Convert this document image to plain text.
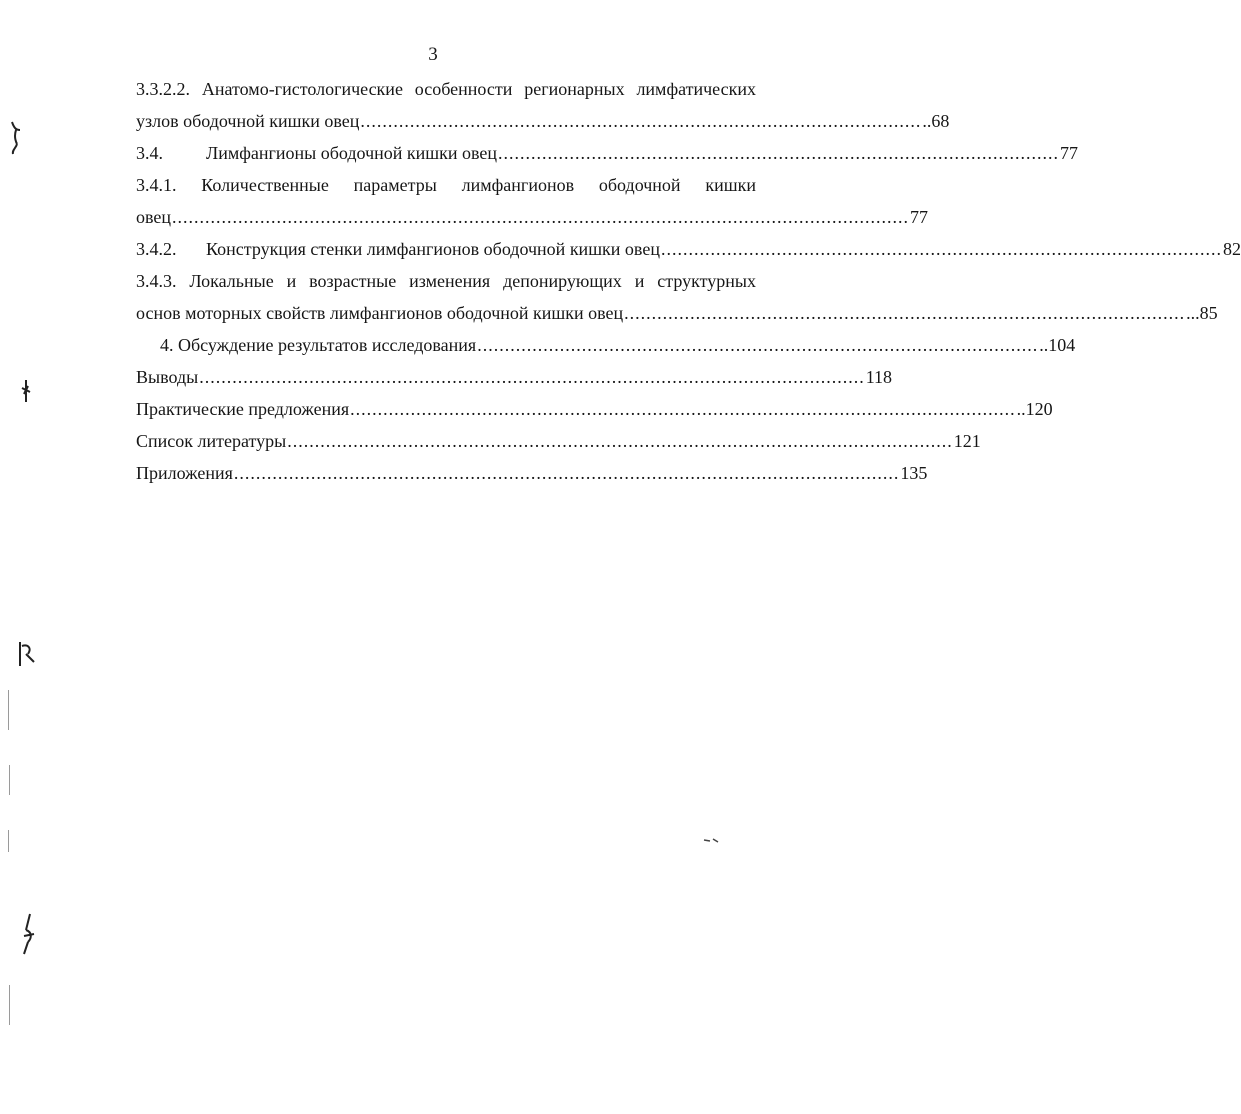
3
3.3.2.2. Анатомо-гистологические особенности регионарных лимфатических
узлов ободочной кишки овец ...................................................................................................... ..68
3.4. Лимфангионы ободочной кишки овец ...................................................................................................... 77
3.4.1. Количественные параметры лимфангионов ободочной кишки
овец ...................................................................................................................................... 77
3.4.2. Конструкция стенки лимфангионов ободочной кишки овец ...................................................................................................... 82
3.4.3. Локальные и возрастные изменения депонирующих и структурных
основ моторных свойств лимфангионов ободочной кишки овец ...................................................................................................... ...85
4. Обсуждение результатов исследования ...................................................................................................... ..104
Выводы ......................................................................................................................... 118
Практические предложения ......................................................................................................................... ..120
Список литературы ......................................................................................................................... 121
Приложения ......................................................................................................................... 135
